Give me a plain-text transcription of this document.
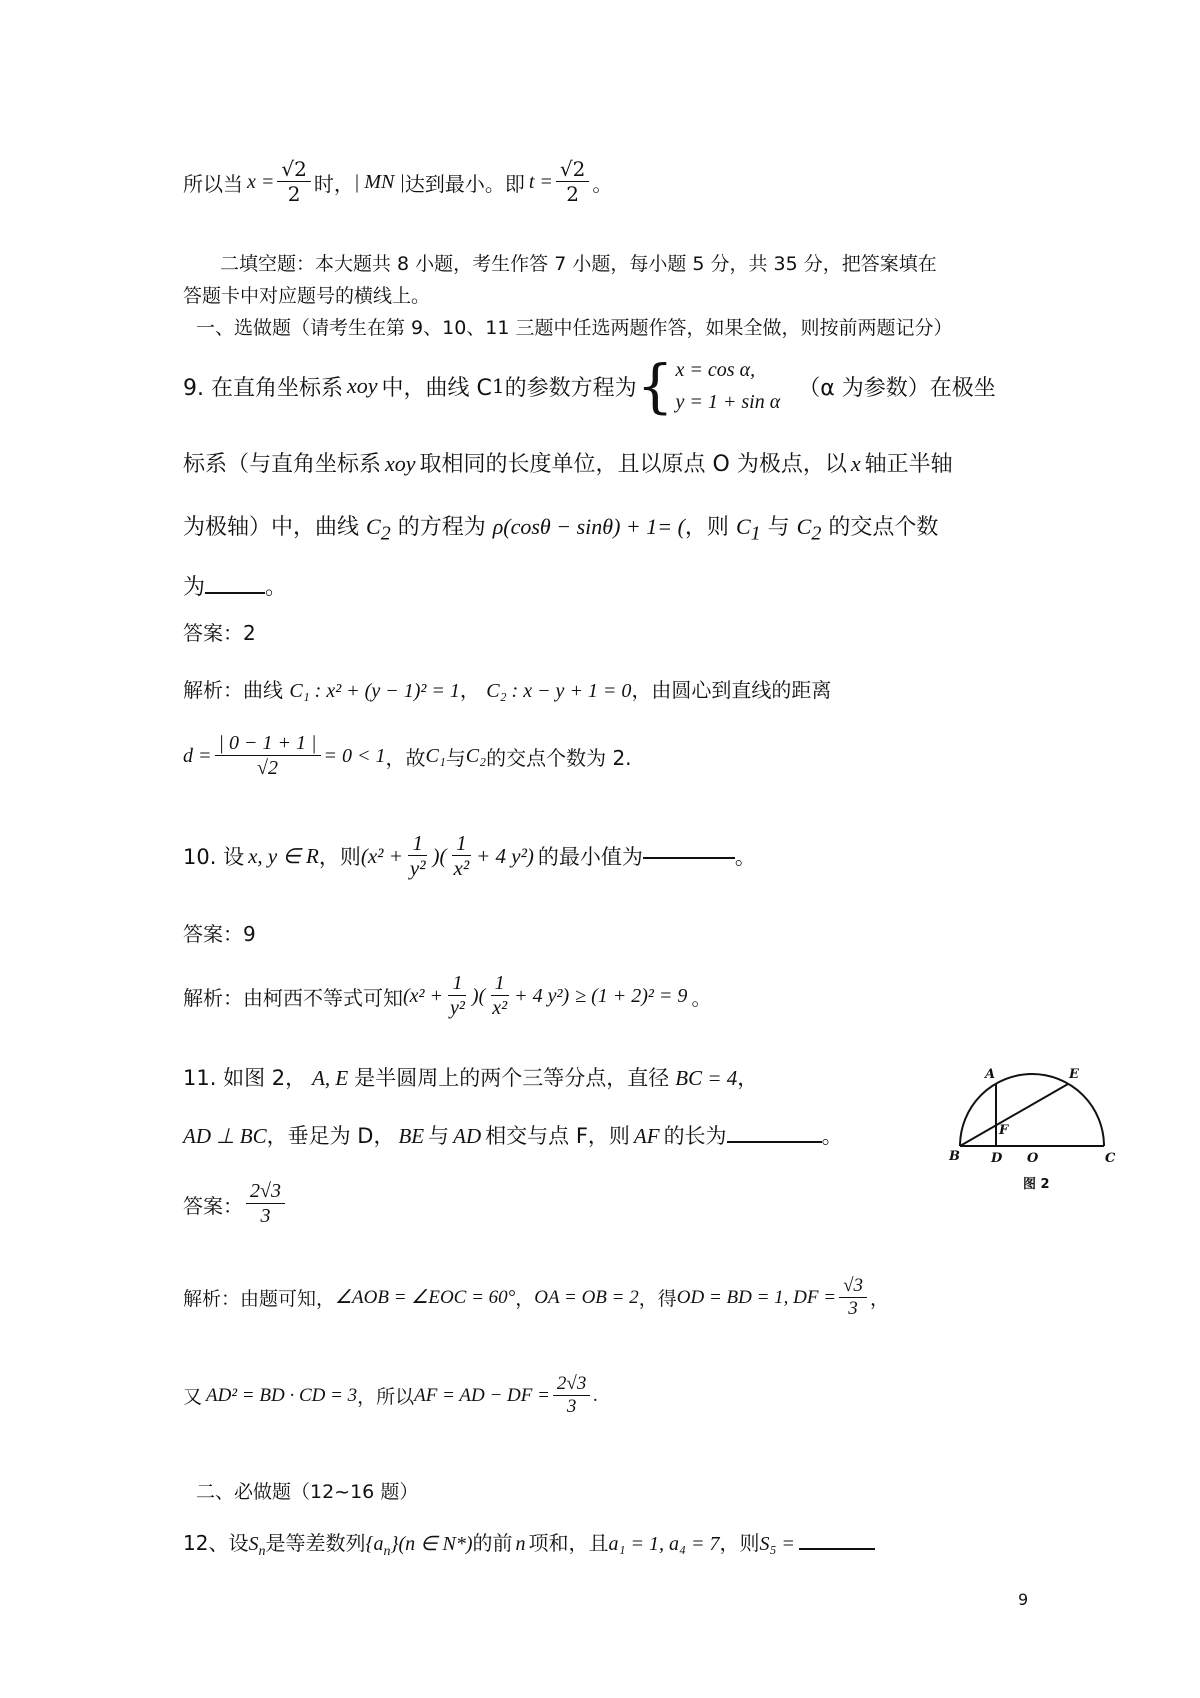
所以当 $x = \frac{√2}{2}$ 时， | MN | 达到最小。即 $t = \frac{√2}{2}$ 。
二填空题：本大题共 8 小题，考生作答 7 小题，每小题 5 分，共 35 分，把答案填在
答题卡中对应题号的横线上。
一、选做题（请考生在第 9、10、11 三题中任选两题作答，如果全做，则按前两题记分）
9. 在直角坐标系 xoy 中，曲线 C 1 的参数方程为 { x = cos α,
y = 1 + sin α
（α 为参数）在极坐
标系（与直角坐标系 xoy 取相同的长度单位，且以原点 O 为极点，以 x 轴正半轴
为极轴）中，曲线 $C_2$ 的方程为 ρ(cosθ − sinθ) + 1= (，则 $C_1$ 与 $C_2$ 的交点个数
为	。
答案：2
解析：曲线 C₁ : x² + (y − 1)² = 1， C₂ : x − y + 1 = 0，由圆心到直线的距离
$d = \frac{| 0 - 1 + 1 |}{√2} = 0 < 1$ ，故 C₁ 与 C₂ 的交点个数为 2.
10. 设 x, y ∈ R ，则 ($x^2 + \frac{1}{\text{y²}}$ )( $\frac{1}{\text{x²}} + 4$ y²) 的最小值为	。
答案：9
解析：由柯西不等式可知 ($x^2 + \frac{1}{\text{y²}}$ )( $\frac{1}{\text{x²}} + 4$ y²) ≥ (1 + 2)² = 9 。
11. 如图 2， A, E 是半圆周上的两个三等分点，直径 BC = 4，
AD ⊥ BC，垂足为 D， BE 与 AD 相交与点 F，则 AF 的长为	。
A	E
F
B D O	C
图 2
答案： $\frac{2√3}{3}$
解析：由题可知， ∠AOB = ∠EOC = 60° ， OA = OB = 2 ，得 OD = BD = 1, DF = $\frac{√3}{3}$ ，
又 AD² = BD · CD = 3 ，所以 AF = AD − DF = $\frac{2√3}{3}$ .
二、必做题（12~16 题）
12、设$S_n$是等差数列$\{a_n\}(n$ ∈ N*)的前 n 项和，且a₁ = 1, a₄ = 7，则S₅ =
9
